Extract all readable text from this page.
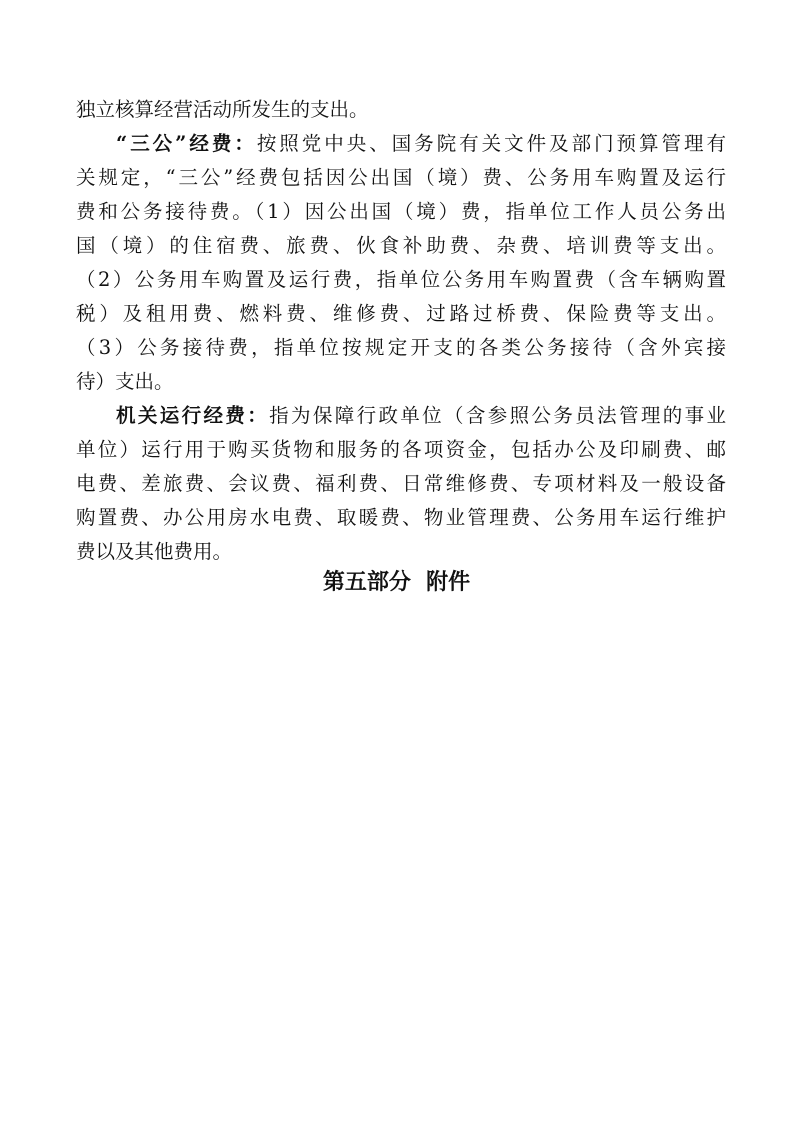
独立核算经营活动所发生的支出。
“三公”经费：按照党中央、国务院有关文件及部门预算管理有
关规定，“三公”经费包括因公出国（境）费、公务用车购置及运行
费和公务接待费。（1）因公出国（境）费，指单位工作人员公务出
国（境）的住宿费、旅费、伙食补助费、杂费、培训费等支出。
（2）公务用车购置及运行费，指单位公务用车购置费（含车辆购置
税）及租用费、燃料费、维修费、过路过桥费、保险费等支出。
（3）公务接待费，指单位按规定开支的各类公务接待（含外宾接
待）支出。
机关运行经费：指为保障行政单位（含参照公务员法管理的事业
单位）运行用于购买货物和服务的各项资金，包括办公及印刷费、邮
电费、差旅费、会议费、福利费、日常维修费、专项材料及一般设备
购置费、办公用房水电费、取暖费、物业管理费、公务用车运行维护
费以及其他费用。
第五部分  附件
